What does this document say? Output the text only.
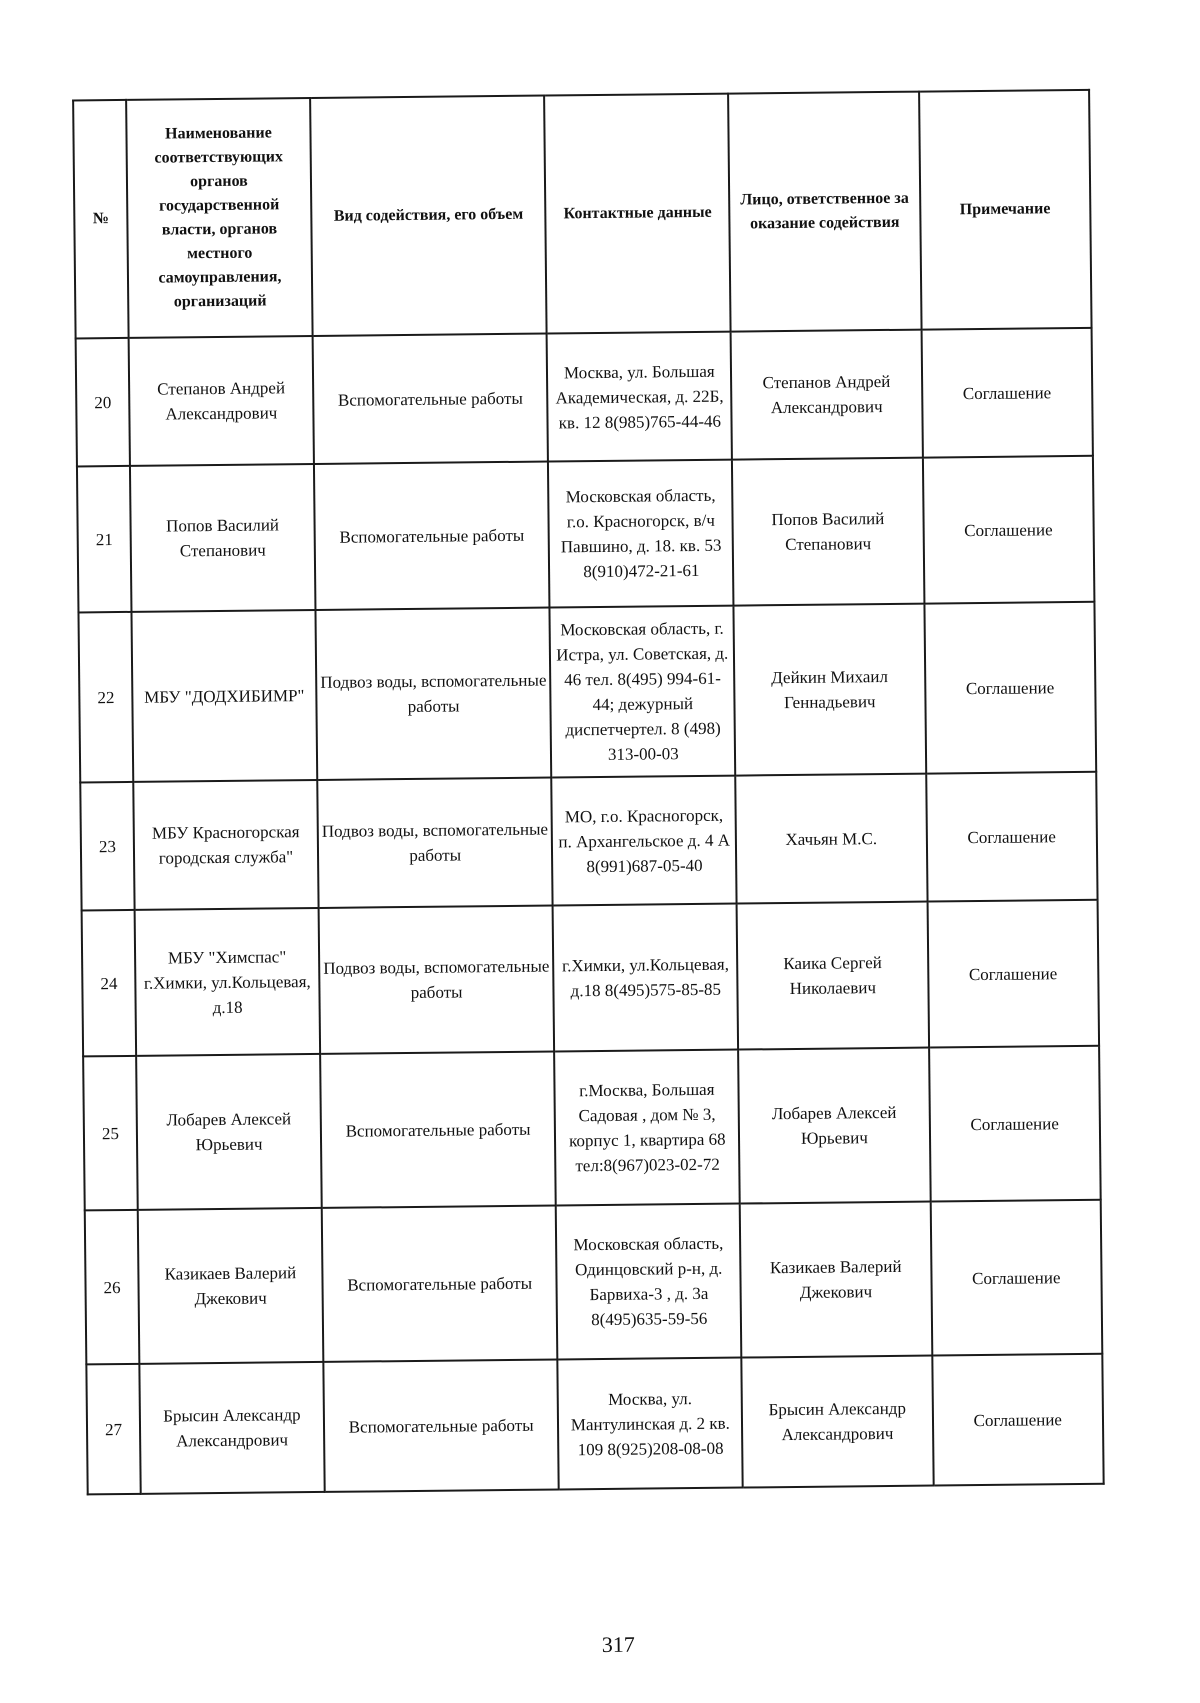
№	Наименование соответствующих органов государственной власти, органов местного самоуправления, организаций	Вид содействия, его объем	Контактные данные	Лицо, ответственное за оказание содействия	Примечание
20	Степанов Андрей Александрович	Вспомогательные работы	Москва, ул. Большая Академическая, д. 22Б, кв. 12 8(985)765-44-46	Степанов Андрей Александрович	Соглашение
21	Попов Василий Степанович	Вспомогательные работы	Московская область, г.о. Красногорск, в/ч Павшино, д. 18. кв. 53 8(910)472-21-61	Попов Василий Степанович	Соглашение
22	МБУ "ДОДХИБИМР"	Подвоз воды, вспомогательные работы	Московская область, г. Истра, ул. Советская, д. 46 тел. 8(495) 994-61-44; дежурный диспетчертел. 8 (498) 313-00-03	Дейкин Михаил Геннадьевич	Соглашение
23	МБУ Красногорская городская служба"	Подвоз воды, вспомогательные работы	МО, г.о. Красногорск, п. Архангельское д. 4 А 8(991)687-05-40	Хачьян М.С.	Соглашение
24	МБУ "Химспас" г.Химки, ул.Кольцевая, д.18	Подвоз воды, вспомогательные работы	г.Химки, ул.Кольцевая, д.18 8(495)575-85-85	Каика Сергей Николаевич	Соглашение
25	Лобарев Алексей Юрьевич	Вспомогательные работы	г.Москва, Большая Садовая , дом № 3, корпус 1, квартира 68 тел:8(967)023-02-72	Лобарев Алексей Юрьевич	Соглашение
26	Казикаев Валерий Джекович	Вспомогательные работы	Московская область, Одинцовский р-н, д. Барвиха-3 , д. 3а 8(495)635-59-56	Казикаев Валерий Джекович	Соглашение
27	Брысин Александр Александрович	Вспомогательные работы	Москва, ул. Мантулинская д. 2 кв. 109 8(925)208-08-08	Брысин Александр Александрович	Соглашение
317
